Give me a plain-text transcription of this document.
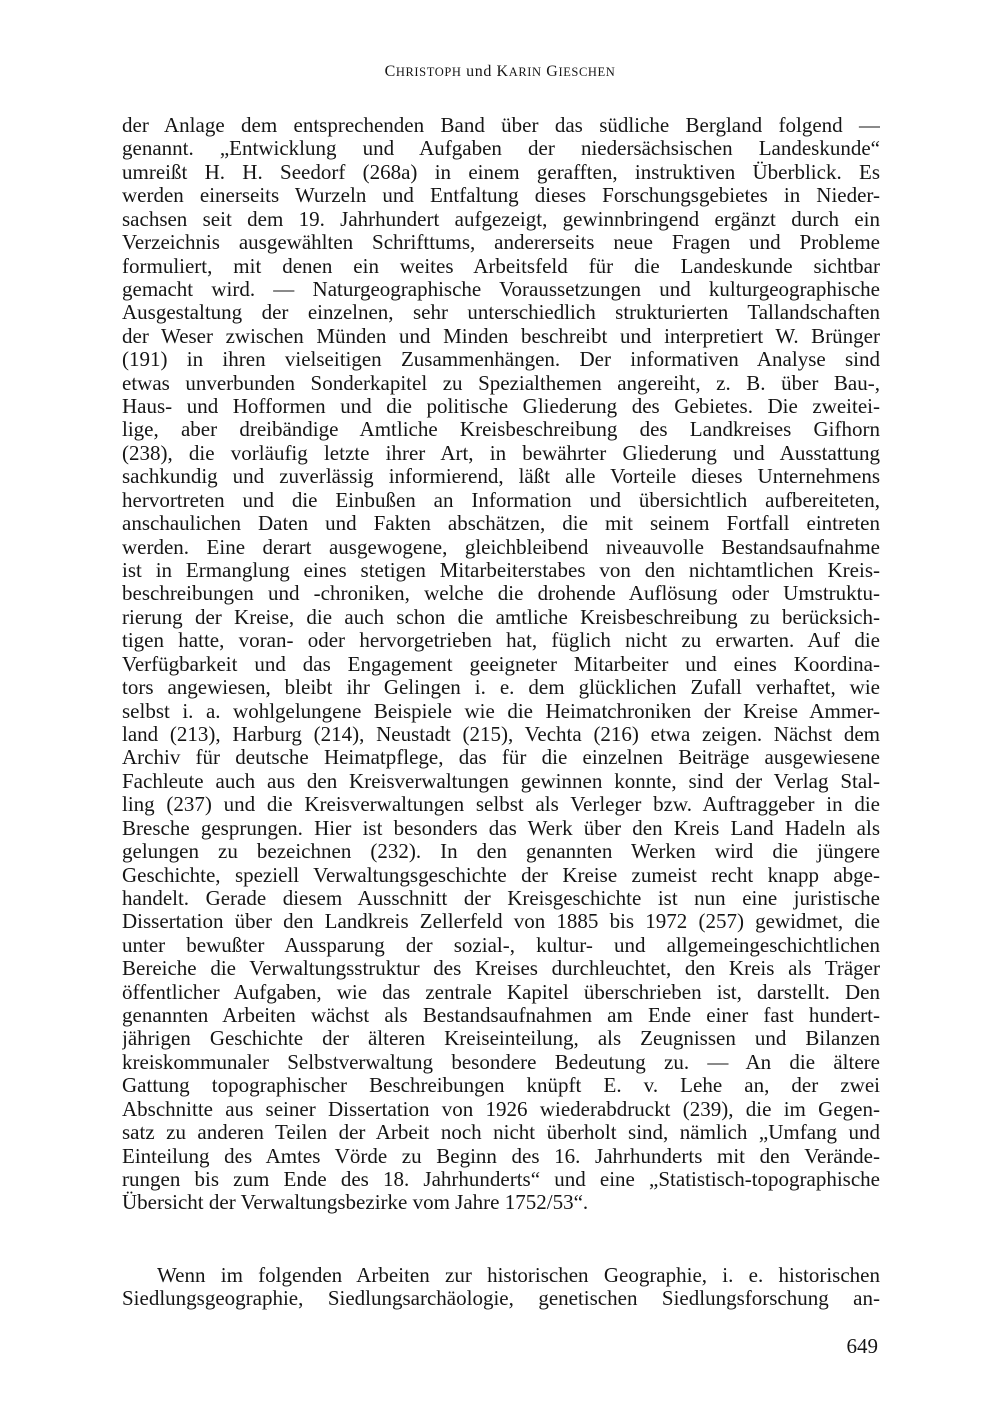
CHRISTOPH und KARIN GIESCHEN
der Anlage dem entsprechenden Band über das südliche Bergland folgend —
genannt. „Entwicklung und Aufgaben der niedersächsischen Landeskunde“
umreißt H. H. Seedorf (268a) in einem gerafften, instruktiven Überblick. Es
werden einerseits Wurzeln und Entfaltung dieses Forschungsgebietes in Nieder-
sachsen seit dem 19. Jahrhundert aufgezeigt, gewinnbringend ergänzt durch ein
Verzeichnis ausgewählten Schrifttums, andererseits neue Fragen und Probleme
formuliert, mit denen ein weites Arbeitsfeld für die Landeskunde sichtbar
gemacht wird. — Naturgeographische Voraussetzungen und kulturgeographische
Ausgestaltung der einzelnen, sehr unterschiedlich strukturierten Tallandschaften
der Weser zwischen Münden und Minden beschreibt und interpretiert W. Brünger
(191) in ihren vielseitigen Zusammenhängen. Der informativen Analyse sind
etwas unverbunden Sonderkapitel zu Spezialthemen angereiht, z. B. über Bau-,
Haus- und Hofformen und die politische Gliederung des Gebietes. Die zweitei-
lige, aber dreibändige Amtliche Kreisbeschreibung des Landkreises Gifhorn
(238), die vorläufig letzte ihrer Art, in bewährter Gliederung und Ausstattung
sachkundig und zuverlässig informierend, läßt alle Vorteile dieses Unternehmens
hervortreten und die Einbußen an Information und übersichtlich aufbereiteten,
anschaulichen Daten und Fakten abschätzen, die mit seinem Fortfall eintreten
werden. Eine derart ausgewogene, gleichbleibend niveauvolle Bestandsaufnahme
ist in Ermanglung eines stetigen Mitarbeiterstabes von den nichtamtlichen Kreis-
beschreibungen und -chroniken, welche die drohende Auflösung oder Umstruktu-
rierung der Kreise, die auch schon die amtliche Kreisbeschreibung zu berücksich-
tigen hatte, voran- oder hervorgetrieben hat, füglich nicht zu erwarten. Auf die
Verfügbarkeit und das Engagement geeigneter Mitarbeiter und eines Koordina-
tors angewiesen, bleibt ihr Gelingen i. e. dem glücklichen Zufall verhaftet, wie
selbst i. a. wohlgelungene Beispiele wie die Heimatchroniken der Kreise Ammer-
land (213), Harburg (214), Neustadt (215), Vechta (216) etwa zeigen. Nächst dem
Archiv für deutsche Heimatpflege, das für die einzelnen Beiträge ausgewiesene
Fachleute auch aus den Kreisverwaltungen gewinnen konnte, sind der Verlag Stal-
ling (237) und die Kreisverwaltungen selbst als Verleger bzw. Auftraggeber in die
Bresche gesprungen. Hier ist besonders das Werk über den Kreis Land Hadeln als
gelungen zu bezeichnen (232). In den genannten Werken wird die jüngere
Geschichte, speziell Verwaltungsgeschichte der Kreise zumeist recht knapp abge-
handelt. Gerade diesem Ausschnitt der Kreisgeschichte ist nun eine juristische
Dissertation über den Landkreis Zellerfeld von 1885 bis 1972 (257) gewidmet, die
unter bewußter Aussparung der sozial-, kultur- und allgemeingeschichtlichen
Bereiche die Verwaltungsstruktur des Kreises durchleuchtet, den Kreis als Träger
öffentlicher Aufgaben, wie das zentrale Kapitel überschrieben ist, darstellt. Den
genannten Arbeiten wächst als Bestandsaufnahmen am Ende einer fast hundert-
jährigen Geschichte der älteren Kreiseinteilung, als Zeugnissen und Bilanzen
kreiskommunaler Selbstverwaltung besondere Bedeutung zu. — An die ältere
Gattung topographischer Beschreibungen knüpft E. v. Lehe an, der zwei
Abschnitte aus seiner Dissertation von 1926 wiederabdruckt (239), die im Gegen-
satz zu anderen Teilen der Arbeit noch nicht überholt sind, nämlich „Umfang und
Einteilung des Amtes Vörde zu Beginn des 16. Jahrhunderts mit den Verände-
rungen bis zum Ende des 18. Jahrhunderts“ und eine „Statistisch-topographische
Übersicht der Verwaltungsbezirke vom Jahre 1752/53“.
Wenn im folgenden Arbeiten zur historischen Geographie, i. e. historischen
Siedlungsgeographie, Siedlungsarchäologie, genetischen Siedlungsforschung an-
649
